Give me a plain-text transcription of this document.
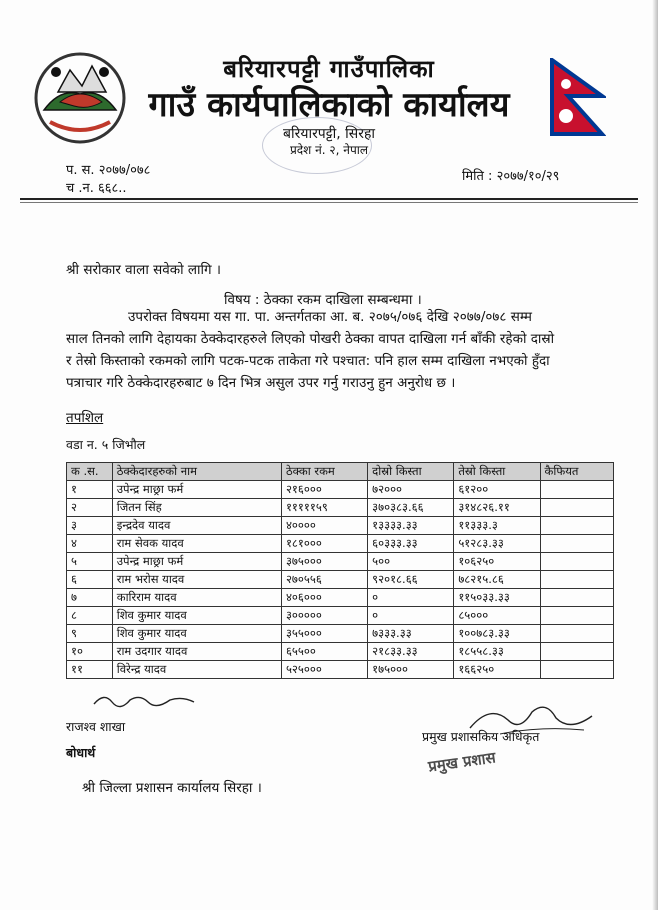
बरियारपट्टी गाउँपालिका
गाउँ कार्यपालिकाको कार्यालय
बरियारपट्टी, सिरहा
प्रदेश नं. २, नेपाल
प. स. २०७७/०७८
च .न. ६६८..
मिति : २०७७/१०/२९
श्री सरोकार वाला सवेको लागि ।
विषय : ठेक्का रकम दाखिला सम्बन्धमा ।
उपरोक्त विषयमा यस गा. पा. अन्तर्गतका आ. ब. २०७५/०७६ देखि २०७७/०७८ सम्म
साल तिनको लागि देहायका ठेक्केदारहरुले लिएको पोखरी ठेक्का वापत दाखिला गर्न बाँकी रहेको दास्रो
र तेस्रो किस्ताको रकमको लागि पटक-पटक ताकेता गरे पश्चात: पनि हाल सम्म दाखिला नभएको हुँदा
पत्राचार गरि ठेक्केदारहरुबाट ७ दिन भित्र असुल उपर गर्नु गराउनु हुन अनुरोध छ ।
तपशिल
वडा न. ५ जिभौल
क .स.	ठेक्केदारहरुको नाम	ठेक्का रकम	दोस्रो किस्ता	तेस्रो किस्ता	कैफियत
१	उपेन्द्र माछ्रा फर्म	२१६०००	७२०००	६१२००	
२	जितन सिंह	१११११५९	३७०३८३.६६	३१४८२६.११	
३	इन्द्रदेव यादव	४००००	१३३३३.३३	११३३३.३	
४	राम सेवक यादव	१८१०००	६०३३३.३३	५१२८३.३३	
५	उपेन्द्र माछ्रा फर्म	३७५०००	५००	१०६२५०	
६	राम भरोस यादव	२७०५५६	९२०१८.६६	७८२१५.८६	
७	कारिराम यादव	४०६०००	०	११५०३३.३३	
८	शिव कुमार यादव	३०००००	०	८५०००	
९	शिव कुमार यादव	३५५०००	७३३३.३३	१००७८३.३३	
१०	राम उदगार यादव	६५५००	२१८३३.३३	१८५५८.३३	
११	विरेन्द्र यादव	५२५०००	१७५०००	१६६२५०	
राजश्व शाखा
प्रमुख प्रशासकिय अधिकृत
प्रमुख प्रशास
बोधार्थ
श्री जिल्ला प्रशासन कार्यालय सिरहा ।
